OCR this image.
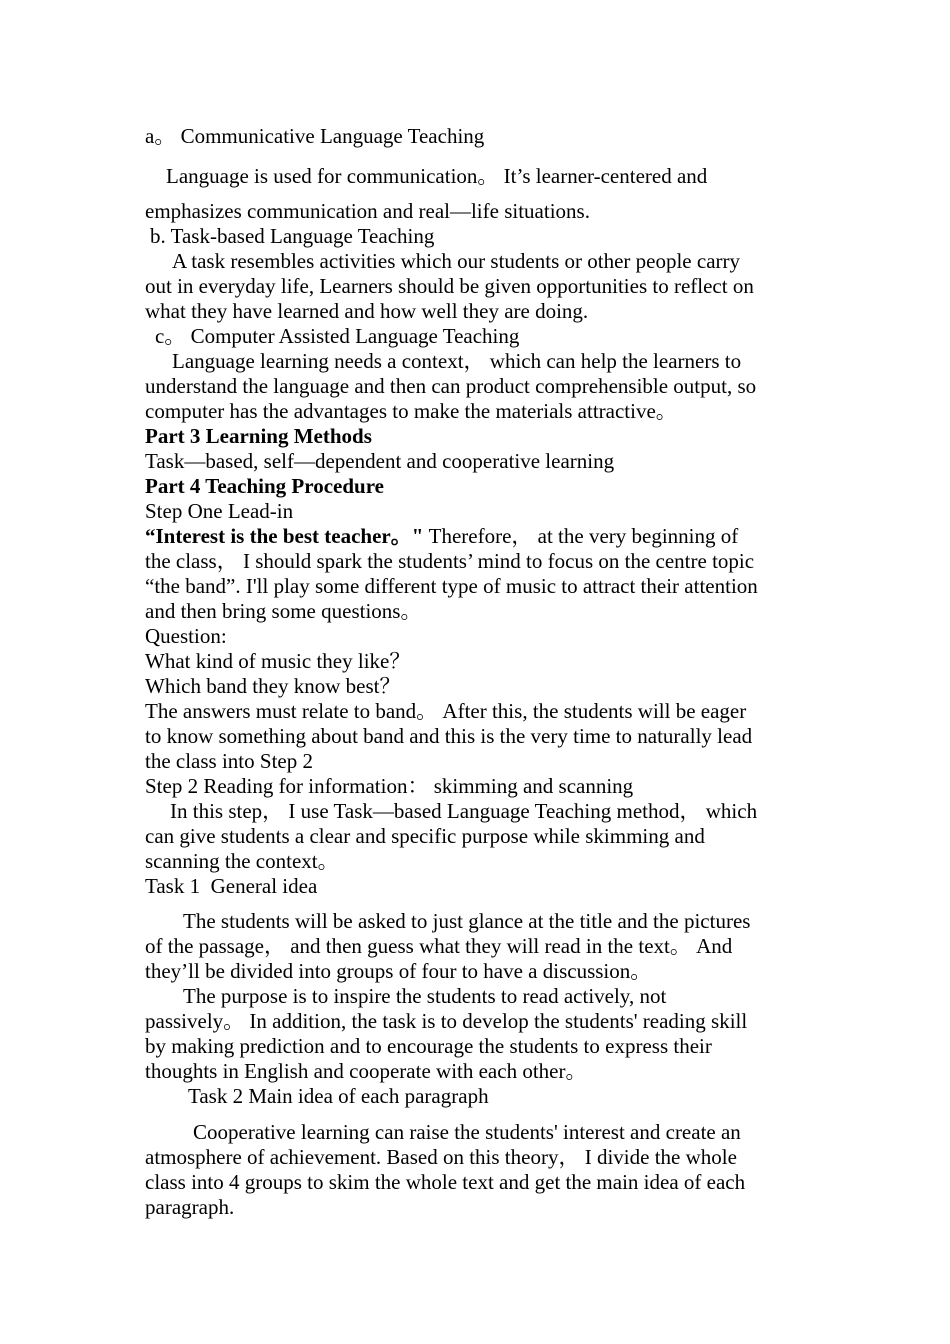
a。 Communicative Language Teaching
Language is used for communication。 It’s learner-centered and
emphasizes communication and real—life situations.
b. Task-based Language Teaching
A task resembles activities which our students or other people carry
out in everyday life, Learners should be given opportunities to reflect on
what they have learned and how well they are doing.
c。 Computer Assisted Language Teaching
Language learning needs a context， which can help the learners to
understand the language and then can product comprehensible output, so
computer has the advantages to make the materials attractive。
Part 3 Learning Methods
Task—based, self—dependent and cooperative learning
Part 4 Teaching Procedure
Step One Lead-in
“Interest is the best teacher。" Therefore， at the very beginning of
the class， I should spark the students’ mind to focus on the centre topic
“the band”. I'll play some different type of music to attract their attention
and then bring some questions。
Question:
What kind of music they like？
Which band they know best？
The answers must relate to band。 After this, the students will be eager
to know something about band and this is the very time to naturally lead
the class into Step 2
Step 2 Reading for information： skimming and scanning
In this step， I use Task—based Language Teaching method， which
can give students a clear and specific purpose while skimming and
scanning the context。
Task 1  General idea
The students will be asked to just glance at the title and the pictures
of the passage， and then guess what they will read in the text。 And
they’ll be divided into groups of four to have a discussion。
The purpose is to inspire the students to read actively, not
passively。 In addition, the task is to develop the students' reading skill
by making prediction and to encourage the students to express their
thoughts in English and cooperate with each other。
Task 2 Main idea of each paragraph
Cooperative learning can raise the students' interest and create an
atmosphere of achievement. Based on this theory， I divide the whole
class into 4 groups to skim the whole text and get the main idea of each
paragraph.
